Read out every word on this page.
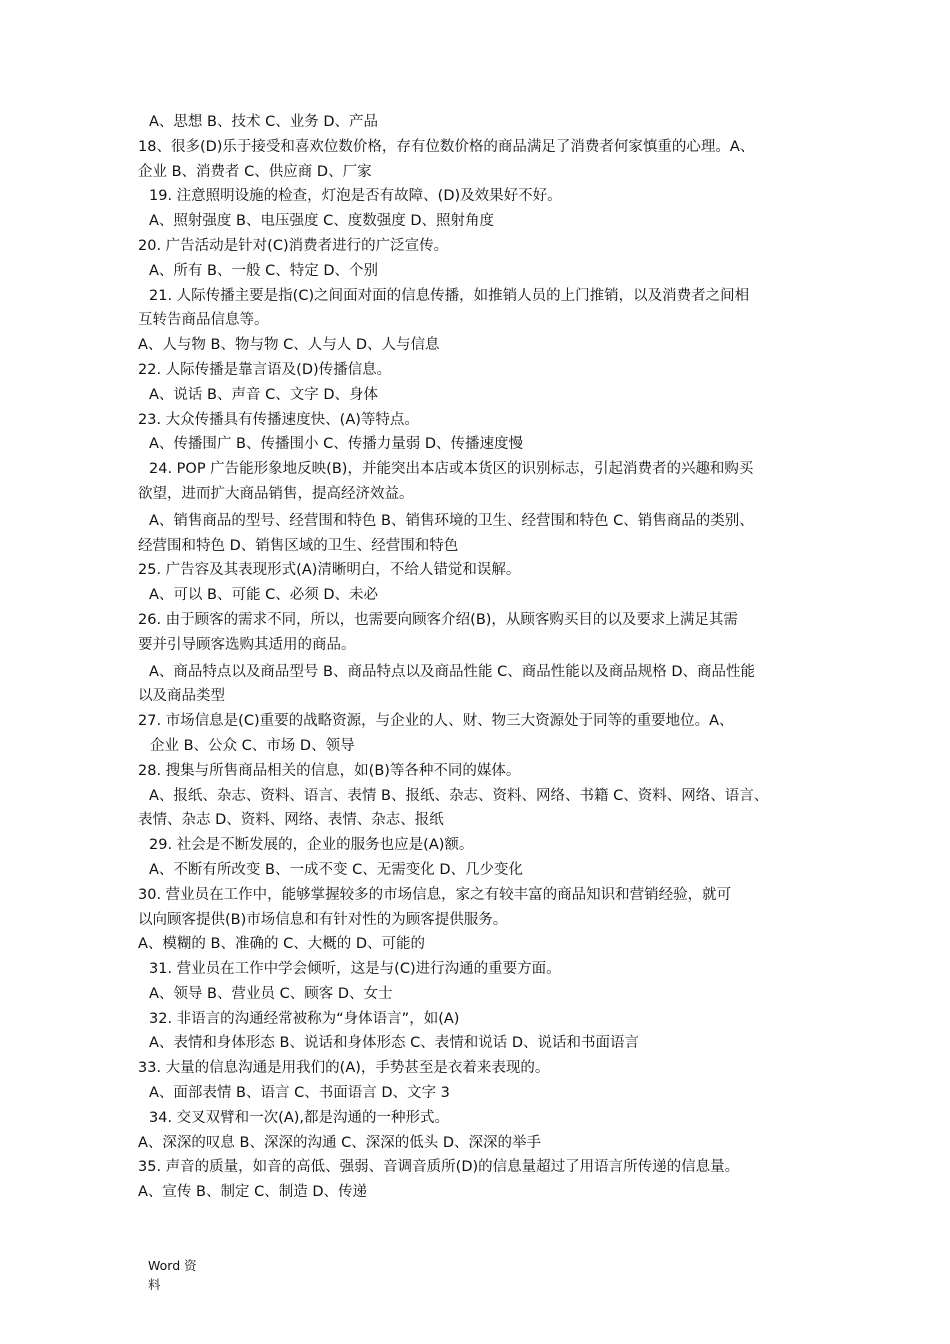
A、思想 B、技术 C、业务 D、产品
18、很多(D)乐于接受和喜欢位数价格，存有位数价格的商品满足了消费者何家慎重的心理。A、
企业 B、消费者 C、供应商 D、厂家
19. 注意照明设施的检查，灯泡是否有故障、(D)及效果好不好。
A、照射强度 B、电压强度 C、度数强度 D、照射角度
20. 广告活动是针对(C)消费者进行的广泛宣传。
A、所有 B、一般 C、特定 D、个别
21. 人际传播主要是指(C)之间面对面的信息传播，如推销人员的上门推销，以及消费者之间相
互转告商品信息等。
A、人与物 B、物与物 C、人与人 D、人与信息
22. 人际传播是靠言语及(D)传播信息。
A、说话 B、声音 C、文字 D、身体
23. 大众传播具有传播速度快、(A)等特点。
A、传播围广 B、传播围小 C、传播力量弱 D、传播速度慢
24. POP 广告能形象地反映(B)，并能突出本店或本货区的识别标志，引起消费者的兴趣和购买
欲望，进而扩大商品销售，提高经济效益。
A、销售商品的型号、经营围和特色 B、销售环境的卫生、经营围和特色 C、销售商品的类别、
经营围和特色 D、销售区域的卫生、经营围和特色
25. 广告容及其表现形式(A)清晰明白，不给人错觉和误解。
A、可以 B、可能 C、必须 D、未必
26. 由于顾客的需求不同，所以，也需要向顾客介绍(B)，从顾客购买目的以及要求上满足其需
要并引导顾客选购其适用的商品。
A、商品特点以及商品型号 B、商品特点以及商品性能 C、商品性能以及商品规格 D、商品性能
以及商品类型
27. 市场信息是(C)重要的战略资源，与企业的人、财、物三大资源处于同等的重要地位。A、
企业 B、公众 C、市场 D、领导
28. 搜集与所售商品相关的信息，如(B)等各种不同的媒体。
A、报纸、杂志、资料、语言、表情 B、报纸、杂志、资料、网络、书籍 C、资料、网络、语言、
表情、杂志 D、资料、网络、表情、杂志、报纸
29. 社会是不断发展的，企业的服务也应是(A)额。
A、不断有所改变 B、一成不变 C、无需变化 D、几少变化
30. 营业员在工作中，能够掌握较多的市场信息，家之有较丰富的商品知识和营销经验，就可
以向顾客提供(B)市场信息和有针对性的为顾客提供服务。
A、模糊的 B、准确的 C、大概的 D、可能的
31. 营业员在工作中学会倾听，这是与(C)进行沟通的重要方面。
A、领导 B、营业员 C、顾客 D、女士
32. 非语言的沟通经常被称为“身体语言”，如(A)
A、表情和身体形态 B、说话和身体形态 C、表情和说话 D、说话和书面语言
33. 大量的信息沟通是用我们的(A)，手势甚至是衣着来表现的。
A、面部表情 B、语言 C、书面语言 D、文字 3
34. 交叉双臂和一次(A),都是沟通的一种形式。
A、深深的叹息 B、深深的沟通 C、深深的低头 D、深深的举手
35. 声音的质量，如音的高低、强弱、音调音质所(D)的信息量超过了用语言所传递的信息量。
A、宣传 B、制定 C、制造 D、传递
Word 资
料
